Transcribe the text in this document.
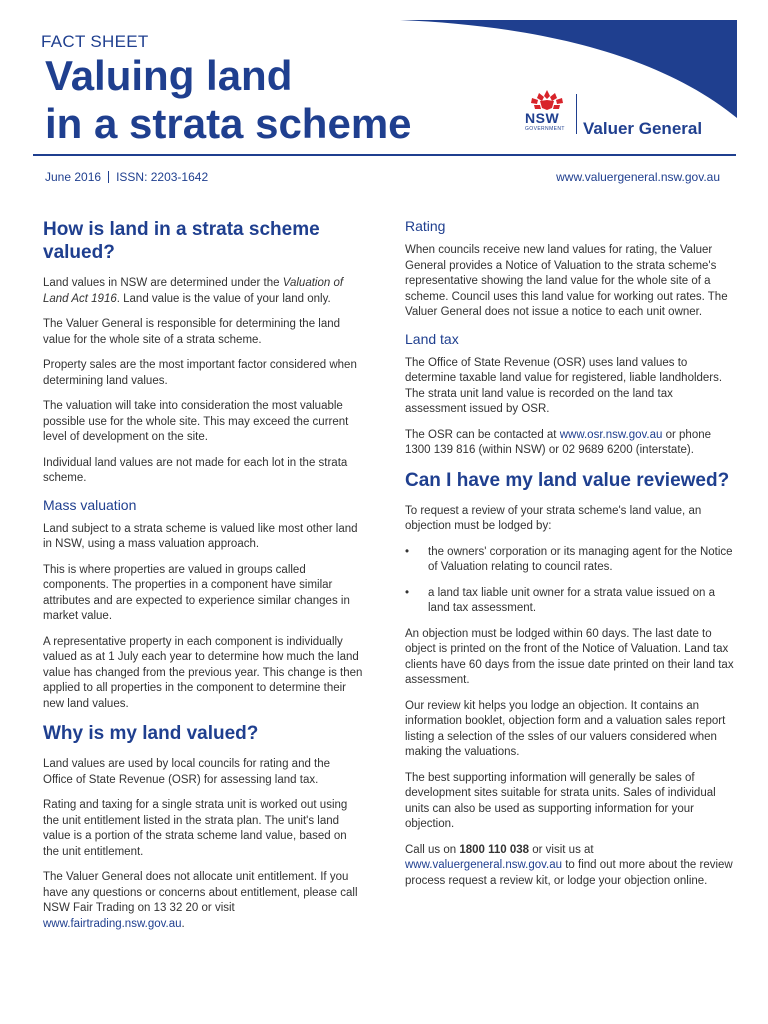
FACT SHEET
Valuing land
in a strata scheme	NSW
GOVERNMENT Valuer General
June 2016 ISSN: 2203-1642	www.valuergeneral.nsw.gov.au
How is land in a strata scheme valued?

Land values in NSW are determined under the Valuation of Land Act 1916. Land value is the value of your land only.

The Valuer General is responsible for determining the land value for the whole site of a strata scheme.

Property sales are the most important factor considered when determining land values.

The valuation will take into consideration the most valuable possible use for the whole site. This may exceed the current level of development on the site.

Individual land values are not made for each lot in the strata scheme.

Mass valuation

Land subject to a strata scheme is valued like most other land in NSW, using a mass valuation approach.

This is where properties are valued in groups called components. The properties in a component have similar attributes and are expected to experience similar changes in market value.

A representative property in each component is individually valued as at 1 July each year to determine how much the land value has changed from the previous year. This change is then applied to all properties in the component to determine their new land values.

Why is my land valued?

Land values are used by local councils for rating and the Office of State Revenue (OSR) for assessing land tax.

Rating and taxing for a single strata unit is worked out using the unit entitlement listed in the strata plan. The unit's land value is a portion of the strata scheme land value, based on the unit entitlement.

The Valuer General does not allocate unit entitlement. If you have any questions or concerns about entitlement, please call NSW Fair Trading on 13 32 20 or visit www.fairtrading.nsw.gov.au.

Rating

When councils receive new land values for rating, the Valuer General provides a Notice of Valuation to the strata scheme's representative showing the land value for the whole site of a scheme. Council uses this land value for working out rates. The Valuer General does not issue a notice to each unit owner.

Land tax

The Office of State Revenue (OSR) uses land values to determine taxable land value for registered, liable landholders. The strata unit land value is recorded on the land tax assessment issued by OSR.

The OSR can be contacted at www.osr.nsw.gov.au or phone 1300 139 816 (within NSW) or 02 9689 6200 (interstate).

Can I have my land value reviewed?

To request a review of your strata scheme's land value, an objection must be lodged by:

• the owners' corporation or its managing agent for the Notice of Valuation relating to council rates.
• a land tax liable unit owner for a strata value issued on a land tax assessment.

An objection must be lodged within 60 days. The last date to object is printed on the front of the Notice of Valuation. Land tax clients have 60 days from the issue date printed on their land tax assessment.

Our review kit helps you lodge an objection. It contains an information booklet, objection form and a valuation sales report listing a selection of the ssles of our valuers considered when making the valuations.

The best supporting information will generally be sales of development sites suitable for strata units. Sales of individual units can also be used as supporting information for your objection.

Call us on 1800 110 038 or visit us at www.valuergeneral.nsw.gov.au to find out more about the review process request a review kit, or lodge your objection online.
